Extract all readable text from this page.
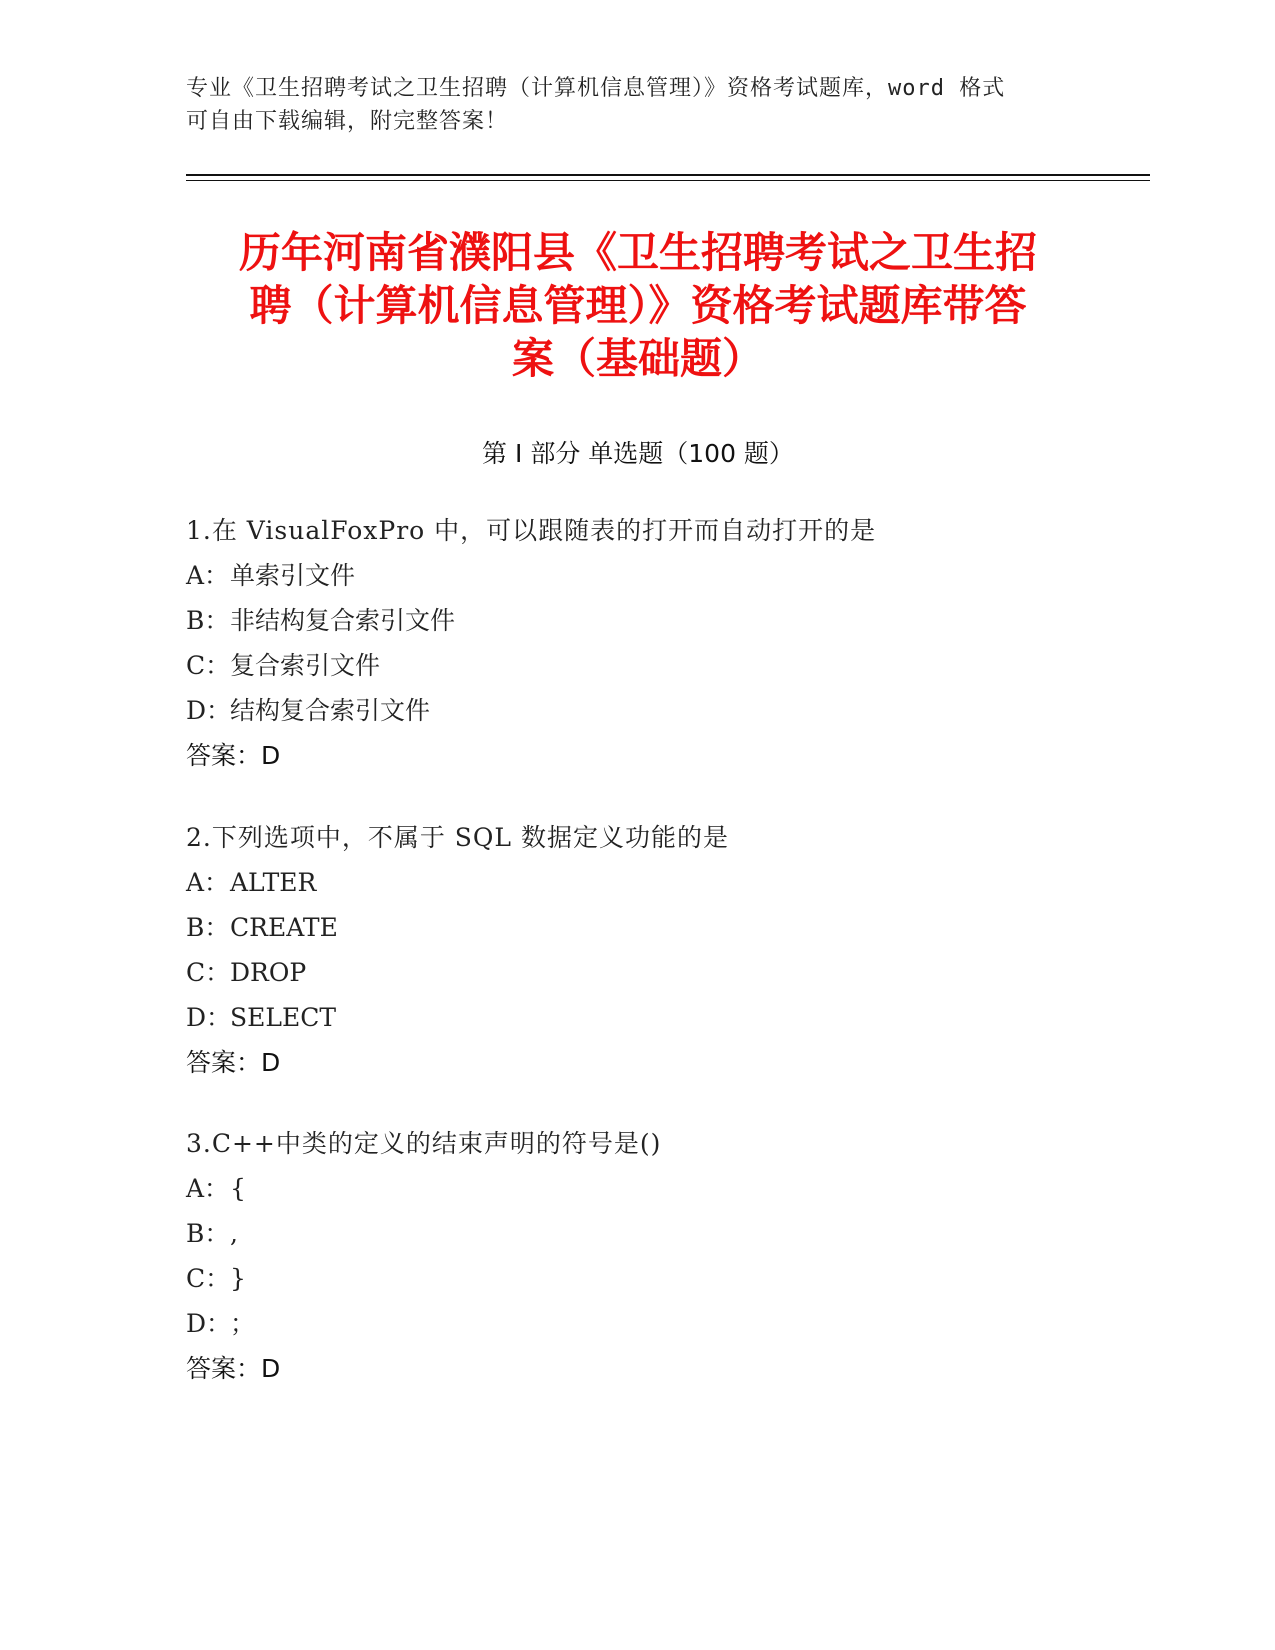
专业《卫生招聘考试之卫生招聘（计算机信息管理）》资格考试题库，word 格式
可自由下载编辑，附完整答案！
历年河南省濮阳县《卫生招聘考试之卫生招
聘（计算机信息管理）》资格考试题库带答
案（基础题）
第 I 部分 单选题（100 题）
1.在 VisualFoxPro 中，可以跟随表的打开而自动打开的是
A：单索引文件
B：非结构复合索引文件
C：复合索引文件
D：结构复合索引文件
答案：D
2.下列选项中，不属于 SQL 数据定义功能的是
A：ALTER
B：CREATE
C：DROP
D：SELECT
答案：D
3.C++中类的定义的结束声明的符号是()
A：{
B：,
C：}
D：；
答案：D
